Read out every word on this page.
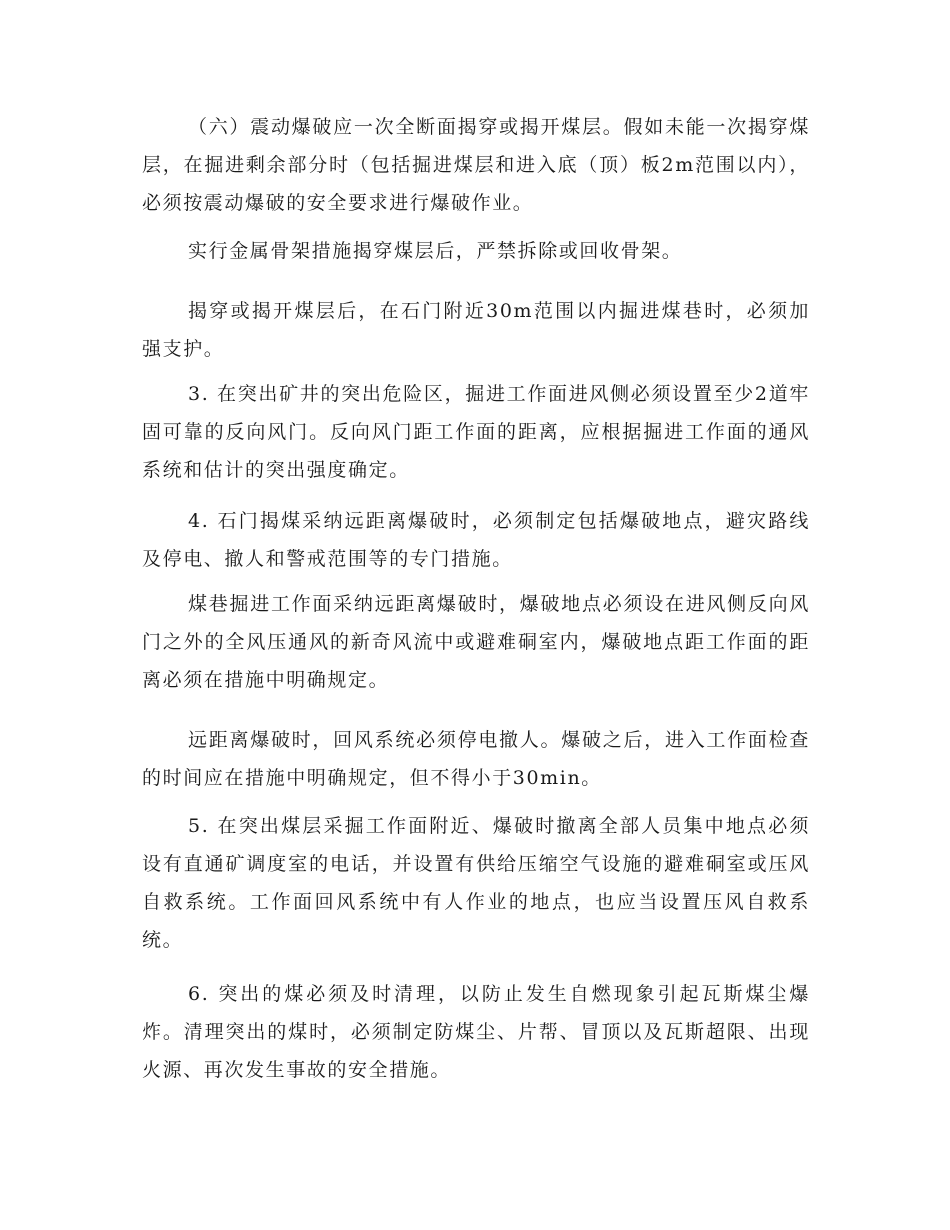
（六）震动爆破应一次全断面揭穿或揭开煤层。假如未能一次揭穿煤层，在掘进剩余部分时（包括掘进煤层和进入底（顶）板2m范围以内），必须按震动爆破的安全要求进行爆破作业。

实行金属骨架措施揭穿煤层后，严禁拆除或回收骨架。

揭穿或揭开煤层后，在石门附近30m范围以内掘进煤巷时，必须加强支护。

3. 在突出矿井的突出危险区，掘进工作面进风侧必须设置至少2道牢固可靠的反向风门。反向风门距工作面的距离，应根据掘进工作面的通风系统和估计的突出强度确定。

4. 石门揭煤采纳远距离爆破时，必须制定包括爆破地点，避灾路线及停电、撤人和警戒范围等的专门措施。

煤巷掘进工作面采纳远距离爆破时，爆破地点必须设在进风侧反向风门之外的全风压通风的新奇风流中或避难硐室内，爆破地点距工作面的距离必须在措施中明确规定。

远距离爆破时，回风系统必须停电撤人。爆破之后，进入工作面检查的时间应在措施中明确规定，但不得小于30min。

5. 在突出煤层采掘工作面附近、爆破时撤离全部人员集中地点必须设有直通矿调度室的电话，并设置有供给压缩空气设施的避难硐室或压风自救系统。工作面回风系统中有人作业的地点，也应当设置压风自救系统。

6. 突出的煤必须及时清理，以防止发生自燃现象引起瓦斯煤尘爆炸。清理突出的煤时，必须制定防煤尘、片帮、冒顶以及瓦斯超限、出现火源、再次发生事故的安全措施。
